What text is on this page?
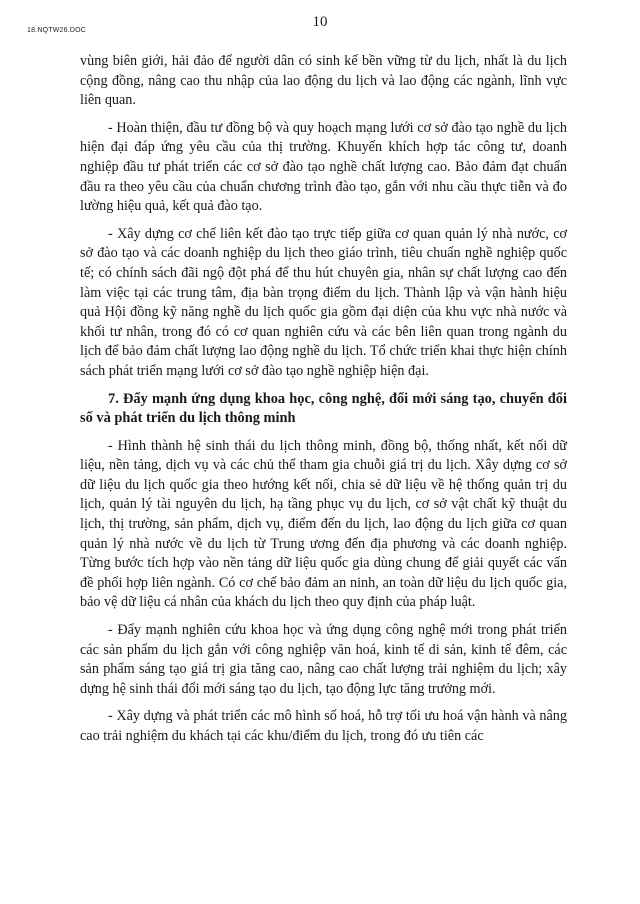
18.NQTW26.DOC
10

vùng biên giới, hải đảo để người dân có sinh kế bền vững từ du lịch, nhất là du lịch cộng đồng, nâng cao thu nhập của lao động du lịch và lao động các ngành, lĩnh vực liên quan.

- Hoàn thiện, đầu tư đồng bộ và quy hoạch mạng lưới cơ sở đào tạo nghề du lịch hiện đại đáp ứng yêu cầu của thị trường. Khuyến khích hợp tác công tư, doanh nghiệp đầu tư phát triển các cơ sở đào tạo nghề chất lượng cao. Bảo đảm đạt chuẩn đầu ra theo yêu cầu của chuẩn chương trình đào tạo, gắn với nhu cầu thực tiễn và đo lường hiệu quả, kết quả đào tạo.

- Xây dựng cơ chế liên kết đào tạo trực tiếp giữa cơ quan quản lý nhà nước, cơ sở đào tạo và các doanh nghiệp du lịch theo giáo trình, tiêu chuẩn nghề nghiệp quốc tế; có chính sách đãi ngộ đột phá để thu hút chuyên gia, nhân sự chất lượng cao đến làm việc tại các trung tâm, địa bàn trọng điểm du lịch. Thành lập và vận hành hiệu quả Hội đồng kỹ năng nghề du lịch quốc gia gồm đại diện của khu vực nhà nước và khối tư nhân, trong đó có cơ quan nghiên cứu và các bên liên quan trong ngành du lịch để bảo đảm chất lượng lao động nghề du lịch. Tổ chức triển khai thực hiện chính sách phát triển mạng lưới cơ sở đào tạo nghề nghiệp hiện đại.

7. Đẩy mạnh ứng dụng khoa học, công nghệ, đổi mới sáng tạo, chuyển đổi số và phát triển du lịch thông minh

- Hình thành hệ sinh thái du lịch thông minh, đồng bộ, thống nhất, kết nối dữ liệu, nền tảng, dịch vụ và các chủ thể tham gia chuỗi giá trị du lịch. Xây dựng cơ sở dữ liệu du lịch quốc gia theo hướng kết nối, chia sẻ dữ liệu về hệ thống quản trị du lịch, quản lý tài nguyên du lịch, hạ tầng phục vụ du lịch, cơ sở vật chất kỹ thuật du lịch, thị trường, sản phẩm, dịch vụ, điểm đến du lịch, lao động du lịch giữa cơ quan quản lý nhà nước về du lịch từ Trung ương đến địa phương và các doanh nghiệp. Từng bước tích hợp vào nền tảng dữ liệu quốc gia dùng chung để giải quyết các vấn đề phối hợp liên ngành. Có cơ chế bảo đảm an ninh, an toàn dữ liệu du lịch quốc gia, bảo vệ dữ liệu cá nhân của khách du lịch theo quy định của pháp luật.

- Đẩy mạnh nghiên cứu khoa học và ứng dụng công nghệ mới trong phát triển các sản phẩm du lịch gắn với công nghiệp văn hoá, kinh tế di sản, kinh tế đêm, các sản phẩm sáng tạo giá trị gia tăng cao, nâng cao chất lượng trải nghiệm du lịch; xây dựng hệ sinh thái đổi mới sáng tạo du lịch, tạo động lực tăng trưởng mới.

- Xây dựng và phát triển các mô hình số hoá, hỗ trợ tối ưu hoá vận hành và nâng cao trải nghiệm du khách tại các khu/điểm du lịch, trong đó ưu tiên các
